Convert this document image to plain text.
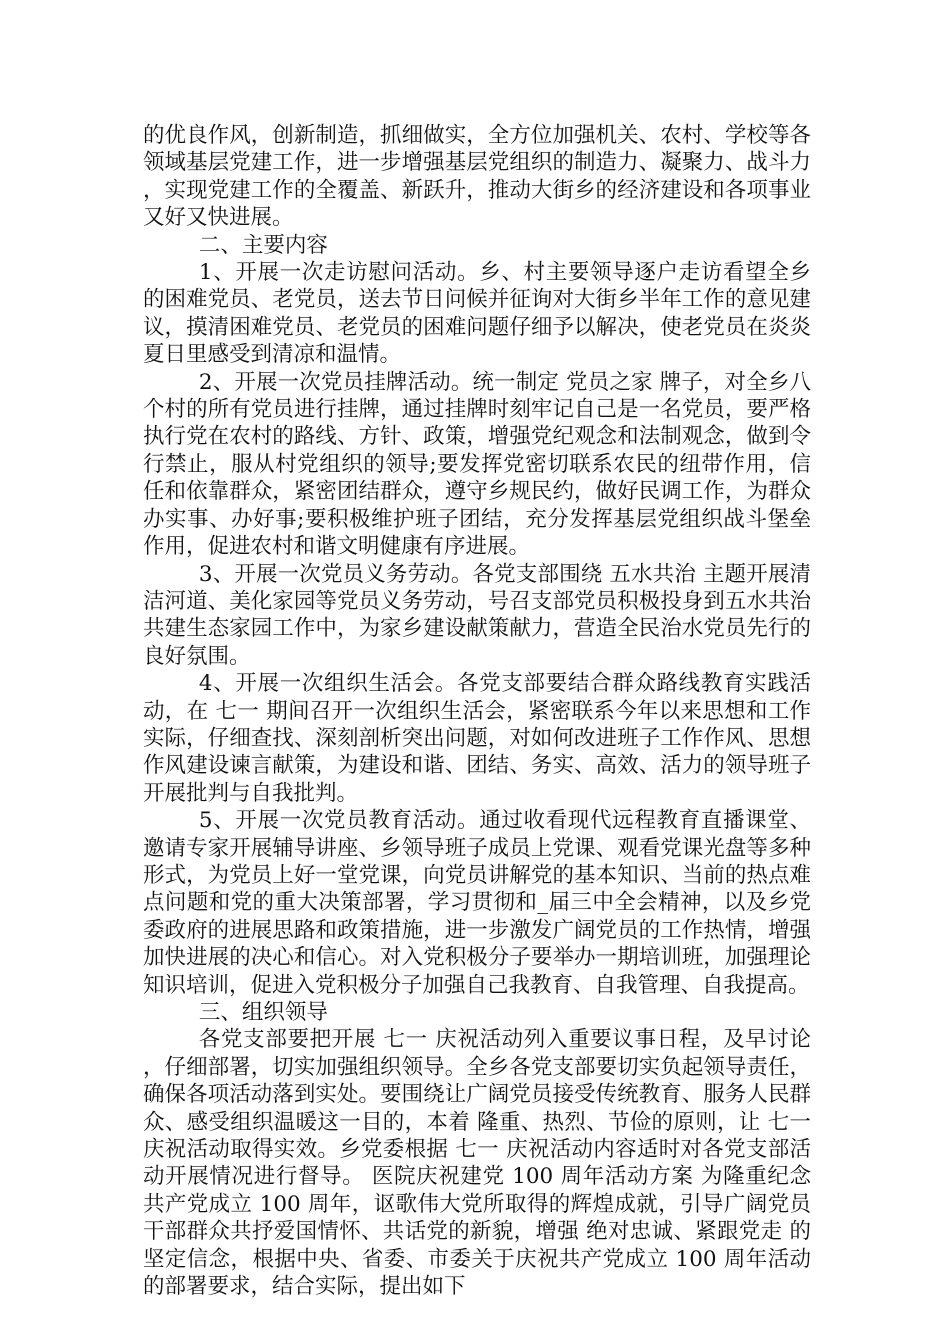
的优良作风，创新制造，抓细做实，全方位加强机关、农村、学校等各领域基层党建工作，进一步增强基层党组织的制造力、凝聚力、战斗力，实现党建工作的全覆盖、新跃升，推动大街乡的经济建设和各项事业又好又快进展。

二、主要内容

1、开展一次走访慰问活动。乡、村主要领导逐户走访看望全乡的困难党员、老党员，送去节日问候并征询对大街乡半年工作的意见建议，摸清困难党员、老党员的困难问题仔细予以解决，使老党员在炎炎夏日里感受到清凉和温情。

2、开展一次党员挂牌活动。统一制定 党员之家 牌子，对全乡八个村的所有党员进行挂牌，通过挂牌时刻牢记自己是一名党员，要严格执行党在农村的路线、方针、政策，增强党纪观念和法制观念，做到令行禁止，服从村党组织的领导;要发挥党密切联系农民的纽带作用，信任和依靠群众，紧密团结群众，遵守乡规民约，做好民调工作，为群众办实事、办好事;要积极维护班子团结，充分发挥基层党组织战斗堡垒作用，促进农村和谐文明健康有序进展。

3、开展一次党员义务劳动。各党支部围绕 五水共治 主题开展清洁河道、美化家园等党员义务劳动，号召支部党员积极投身到五水共治 共建生态家园工作中，为家乡建设献策献力，营造全民治水党员先行的良好氛围。

4、开展一次组织生活会。各党支部要结合群众路线教育实践活动，在 七一 期间召开一次组织生活会，紧密联系今年以来思想和工作实际，仔细查找、深刻剖析突出问题，对如何改进班子工作作风、思想作风建设谏言献策，为建设和谐、团结、务实、高效、活力的领导班子开展批判与自我批判。

5、开展一次党员教育活动。通过收看现代远程教育直播课堂、邀请专家开展辅导讲座、乡领导班子成员上党课、观看党课光盘等多种形式，为党员上好一堂党课，向党员讲解党的基本知识、当前的热点难点问题和党的重大决策部署，学习贯彻和_届三中全会精神，以及乡党委政府的进展思路和政策措施，进一步激发广阔党员的工作热情，增强加快进展的决心和信心。对入党积极分子要举办一期培训班，加强理论知识培训，促进入党积极分子加强自己我教育、自我管理、自我提高。

三、组织领导

各党支部要把开展 七一 庆祝活动列入重要议事日程，及早讨论，仔细部署，切实加强组织领导。全乡各党支部要切实负起领导责任，确保各项活动落到实处。要围绕让广阔党员接受传统教育、服务人民群众、感受组织温暖这一目的，本着 隆重、热烈、节俭的原则，让 七一 庆祝活动取得实效。乡党委根据 七一 庆祝活动内容适时对各党支部活动开展情况进行督导。 医院庆祝建党 100 周年活动方案 为隆重纪念共产党成立 100 周年，讴歌伟大党所取得的辉煌成就，引导广阔党员干部群众共抒爱国情怀、共话党的新貌，增强 绝对忠诚、紧跟党走 的坚定信念，根据中央、省委、市委关于庆祝共产党成立 100 周年活动的部署要求，结合实际，提出如下
